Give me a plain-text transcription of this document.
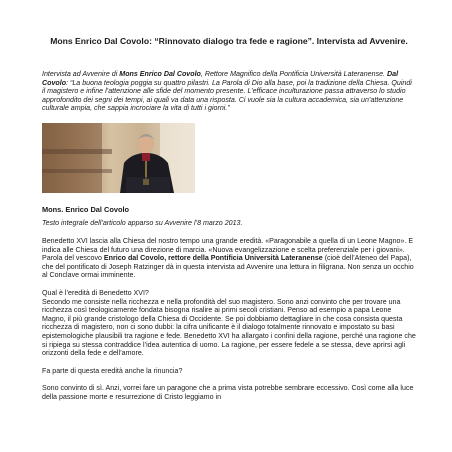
Mons Enrico Dal Covolo: “Rinnovato dialogo tra fede e ragione”. Intervista ad Avvenire.

Intervista ad Avvenire di Mons Enrico Dal Covolo, Rettore Magnifico della Pontificia Università Lateranense. Dal Covolo: “La buona teologia poggia su quattro pilastri. La Parola di Dio alla base, poi la tradizione della Chiesa. Quindi il magistero e infine l’attenzione alle sfide del momento presente. L’efficace inculturazione passa attraverso lo studio approfondito dei segni dei tempi, ai quali va data una risposta. Ci vuole sia la cultura accademica, sia un’attenzione culturale ampia, che sappia incrociare la vita di tutti i giorni.”

Mons. Enrico Dal Covolo

Testo integrale dell’articolo apparso su Avvenire l’8 marzo 2013.

Benedetto XVI lascia alla Chiesa del nostro tempo una grande eredità. «Paragonabile a quella di un Leone Magno». E indica alle Chiesa del futuro una direzione di marcia. «Nuova evangelizzazione e scelta preferenziale per i giovani». Parola del vescovo Enrico dal Covolo, rettore della Pontificia Università Lateranense (cioè dell’Ateneo del Papa), che del pontificato di Joseph Ratzinger dà in questa intervista ad Avvenire una lettura in filigrana. Non senza un occhio al Conclave ormai imminente.

Qual è l’eredità di Benedetto XVI?

Secondo me consiste nella ricchezza e nella profondità del suo magistero. Sono anzi convinto che per trovare una ricchezza così teologicamente fondata bisogna risalire ai primi secoli cristiani. Penso ad esempio a papa Leone Magno, il più grande cristologo della Chiesa di Occidente. Se poi dobbiamo dettagliare in che cosa consista questa ricchezza di magistero, non ci sono dubbi: la cifra unificante è il dialogo totalmente rinnovato e impostato su basi epistemologiche plausibili tra ragione e fede. Benedetto XVI ha allargato i confini della ragione, perché una ragione che si ripiega su stessa contraddice l’idea autentica di uomo. La ragione, per essere fedele a se stessa, deve aprirsi agli orizzonti della fede e dell’amore.

Fa parte di questa eredità anche la rinuncia?

Sono convinto di sì. Anzi, vorrei fare un paragone che a prima vista potrebbe sembrare eccessivo. Così come alla luce della passione morte e resurrezione di Cristo leggiamo in
